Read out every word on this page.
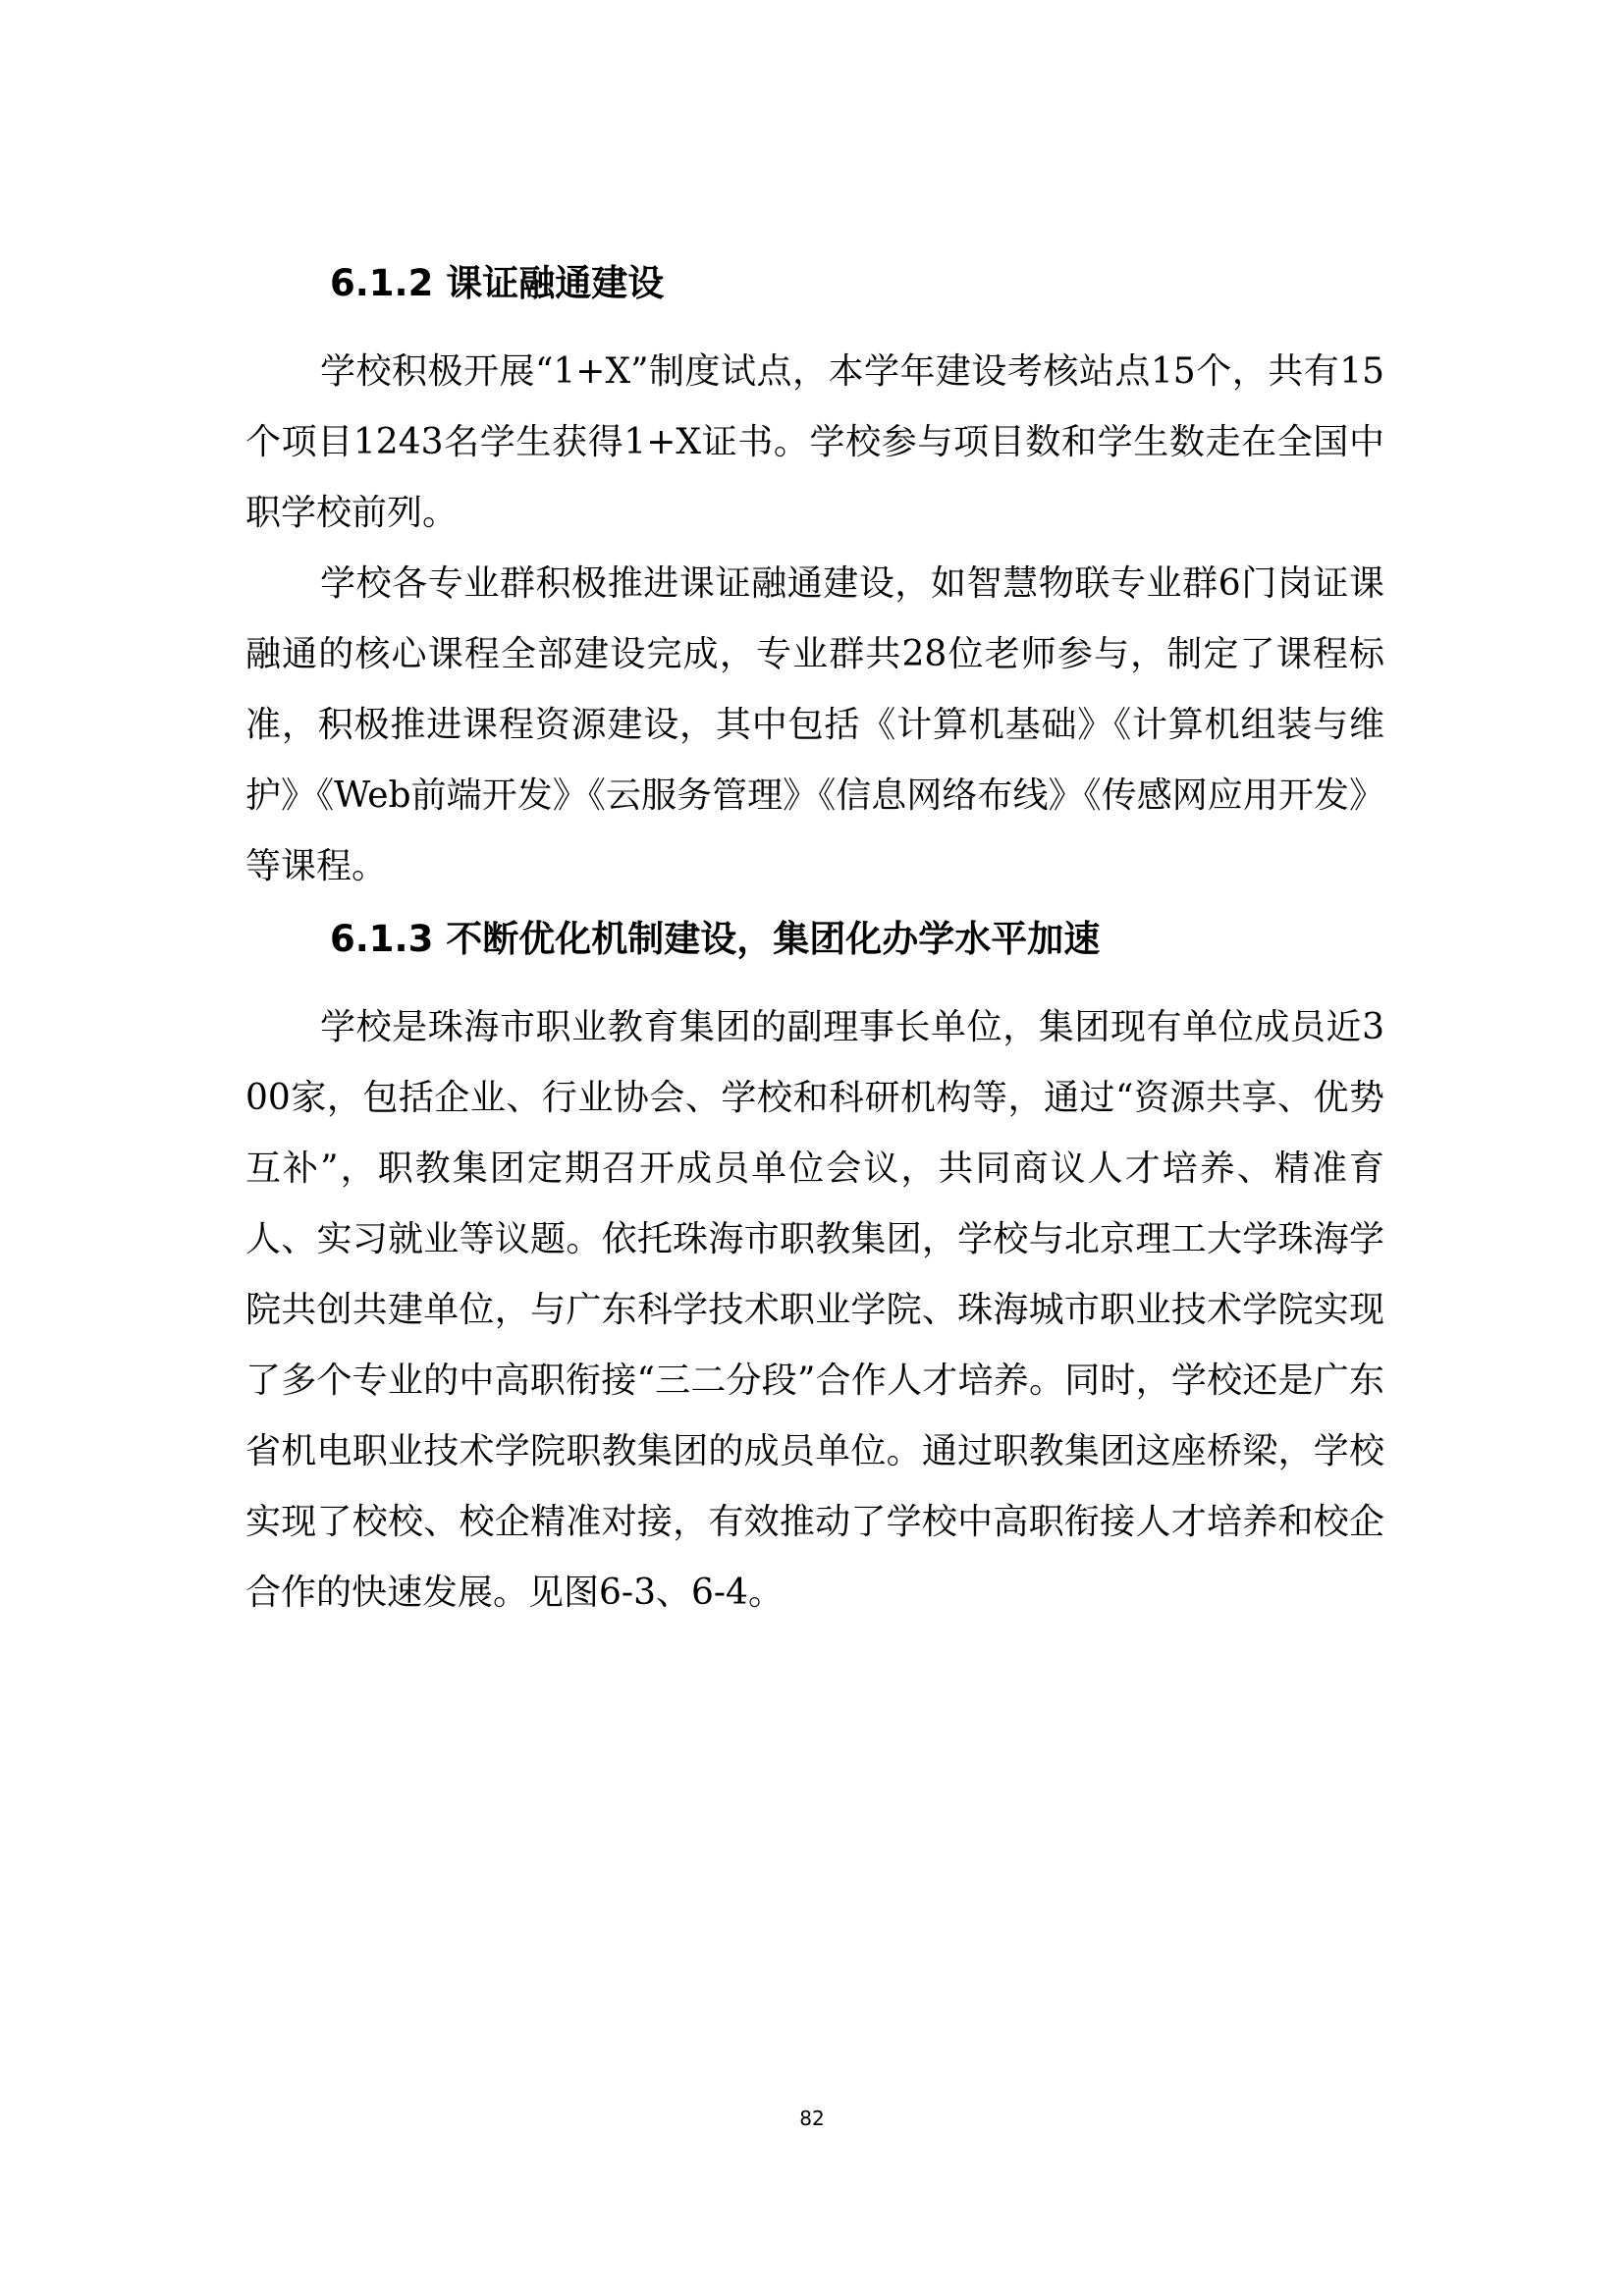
6.1.2 课证融通建设

学校积极开展“1+X”制度试点，本学年建设考核站点15个，共有15个项目1243名学生获得1+X证书。学校参与项目数和学生数走在全国中职学校前列。

学校各专业群积极推进课证融通建设，如智慧物联专业群6门岗证课融通的核心课程全部建设完成，专业群共28位老师参与，制定了课程标准，积极推进课程资源建设，其中包括《计算机基础》《计算机组装与维护》《Web前端开发》《云服务管理》《信息网络布线》《传感网应用开发》等课程。

6.1.3 不断优化机制建设，集团化办学水平加速

学校是珠海市职业教育集团的副理事长单位，集团现有单位成员近300家，包括企业、行业协会、学校和科研机构等，通过“资源共享、优势互补”，职教集团定期召开成员单位会议，共同商议人才培养、精准育人、实习就业等议题。依托珠海市职教集团，学校与北京理工大学珠海学院共创共建单位，与广东科学技术职业学院、珠海城市职业技术学院实现了多个专业的中高职衔接“三二分段”合作人才培养。同时，学校还是广东省机电职业技术学院职教集团的成员单位。通过职教集团这座桥梁，学校实现了校校、校企精准对接，有效推动了学校中高职衔接人才培养和校企合作的快速发展。见图6-3、6-4。

82
